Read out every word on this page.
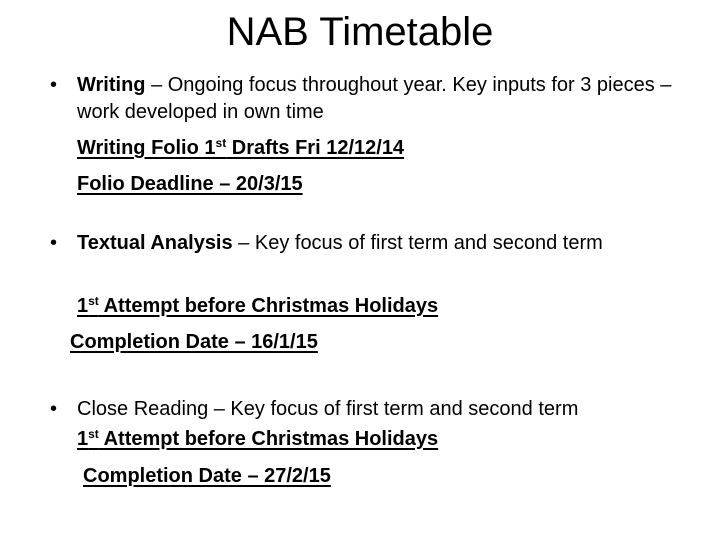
NAB Timetable
• Writing – Ongoing focus throughout year. Key inputs for 3 pieces – work developed in own time

Writing Folio 1st Drafts Fri 12/12/14
Folio Deadline – 20/3/15
• Textual Analysis – Key focus of first term and second term

1st Attempt before Christmas Holidays
Completion Date – 16/1/15
• Close Reading – Key focus of first term and second term

1st Attempt before Christmas Holidays
Completion Date – 27/2/15
